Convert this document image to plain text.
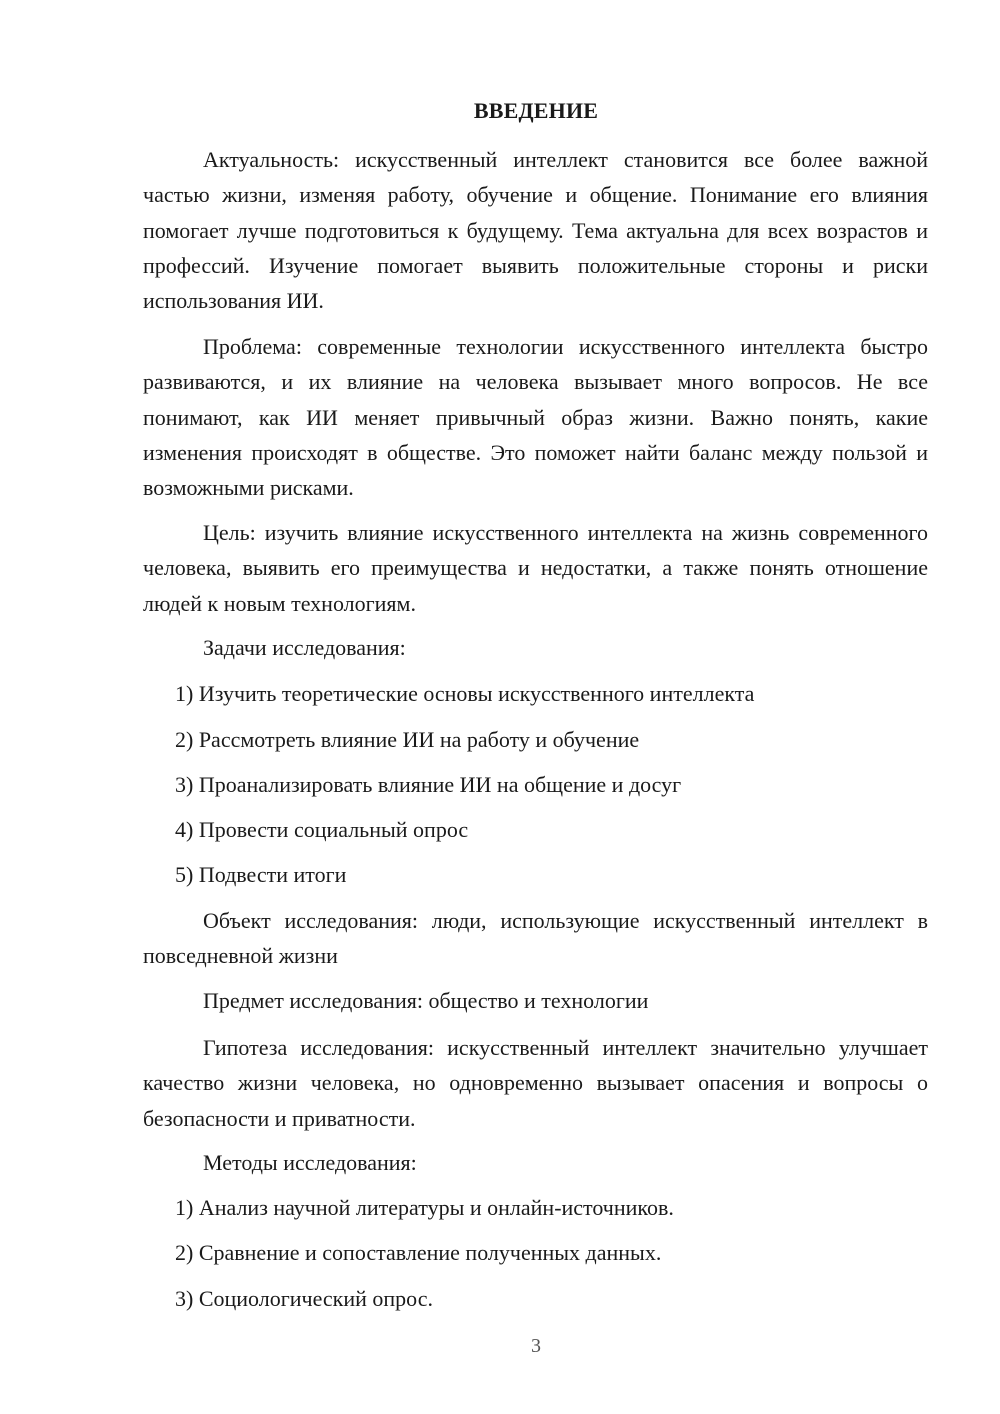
ВВЕДЕНИЕ

Актуальность: искусственный интеллект становится все более важной частью жизни, изменяя работу, обучение и общение. Понимание его влияния помогает лучше подготовиться к будущему. Тема актуальна для всех возрастов и профессий. Изучение помогает выявить положительные стороны и риски использования ИИ.

Проблема: современные технологии искусственного интеллекта быстро развиваются, и их влияние на человека вызывает много вопросов. Не все понимают, как ИИ меняет привычный образ жизни. Важно понять, какие изменения происходят в обществе. Это поможет найти баланс между пользой и возможными рисками.

Цель: изучить влияние искусственного интеллекта на жизнь современного человека, выявить его преимущества и недостатки, а также понять отношение людей к новым технологиям.

Задачи исследования:

1) Изучить теоретические основы искусственного интеллекта

2) Рассмотреть влияние ИИ на работу и обучение

3) Проанализировать влияние ИИ на общение и досуг

4) Провести социальный опрос

5) Подвести итоги

Объект исследования: люди, использующие искусственный интеллект в повседневной жизни

Предмет исследования: общество и технологии

Гипотеза исследования: искусственный интеллект значительно улучшает качество жизни человека, но одновременно вызывает опасения и вопросы о безопасности и приватности.

Методы исследования:

1) Анализ научной литературы и онлайн-источников.

2) Сравнение и сопоставление полученных данных.

3) Социологический опрос.

3
